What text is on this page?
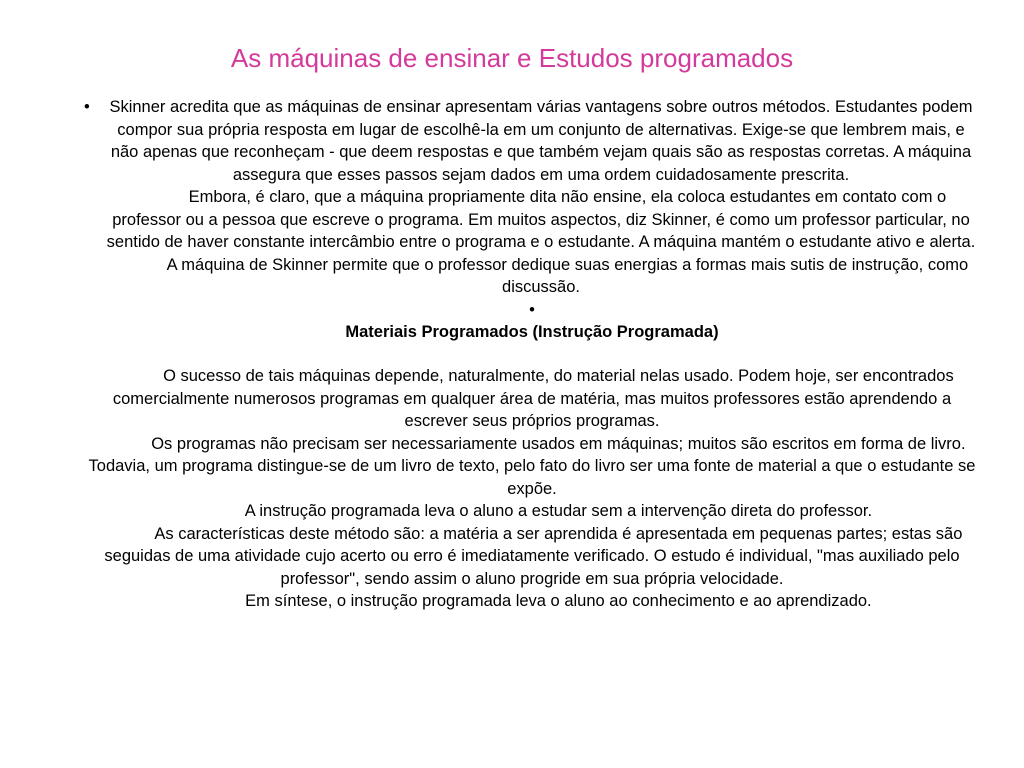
As máquinas de ensinar e Estudos programados
•	Skinner acredita que as máquinas de ensinar apresentam várias vantagens sobre outros métodos. Estudantes podem compor sua própria resposta em lugar de escolhê-la em um conjunto de alternativas. Exige-se que lembrem mais, e não apenas que reconheçam - que deem respostas e que também vejam quais são as respostas corretas. A máquina assegura que esses passos sejam dados em uma ordem cuidadosamente prescrita.

Embora, é claro, que a máquina propriamente dita não ensine, ela coloca estudantes em contato com o professor ou a pessoa que escreve o programa. Em muitos aspectos, diz Skinner, é como um professor particular, no sentido de haver constante intercâmbio entre o programa e o estudante. A máquina mantém o estudante ativo e alerta.

A máquina de Skinner permite que o professor dedique suas energias a formas mais sutis de instrução, como discussão.

•

Materiais Programados (Instrução Programada)

O sucesso de tais máquinas depende, naturalmente, do material nelas usado. Podem hoje, ser encontrados comercialmente numerosos programas em qualquer área de matéria, mas muitos professores estão aprendendo a escrever seus próprios programas.

Os programas não precisam ser necessariamente usados em máquinas; muitos são escritos em forma de livro. Todavia, um programa distingue-se de um livro de texto, pelo fato do livro ser uma fonte de material a que o estudante se expõe.

A instrução programada leva o aluno a estudar sem a intervenção direta do professor.

As características deste método são: a matéria a ser aprendida é apresentada em pequenas partes; estas são seguidas de uma atividade cujo acerto ou erro é imediatamente verificado. O estudo é individual, "mas auxiliado pelo professor", sendo assim o aluno progride em sua própria velocidade.

Em síntese, o instrução programada leva o aluno ao conhecimento e ao aprendizado.
